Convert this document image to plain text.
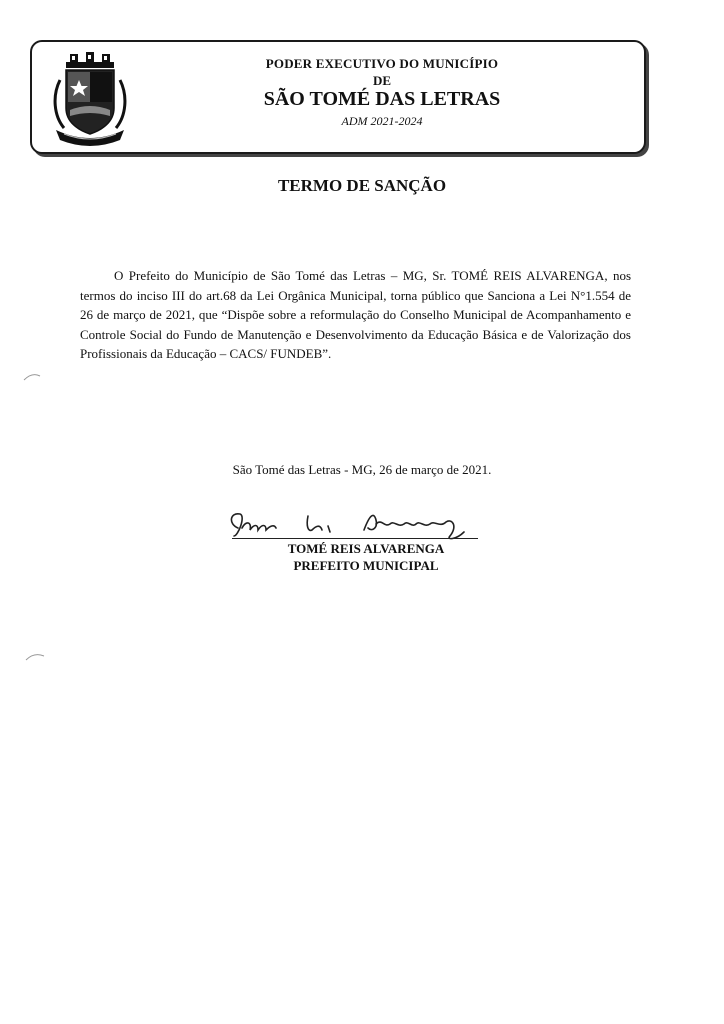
PODER EXECUTIVO DO MUNICÍPIO
DE
SÃO TOMÉ DAS LETRAS
ADM 2021-2024
TERMO DE SANÇÃO
O Prefeito do Município de São Tomé das Letras – MG, Sr. TOMÉ REIS ALVARENGA, nos termos do inciso III do art.68 da Lei Orgânica Municipal, torna público que Sanciona a Lei N°1.554 de 26 de março de 2021, que “Dispõe sobre a reformulação do Conselho Municipal de Acompanhamento e Controle Social do Fundo de Manutenção e Desenvolvimento da Educação Básica e de Valorização dos Profissionais da Educação – CACS/ FUNDEB”.
São Tomé das Letras - MG, 26 de março de 2021.
TOMÉ REIS ALVARENGA
PREFEITO MUNICIPAL
